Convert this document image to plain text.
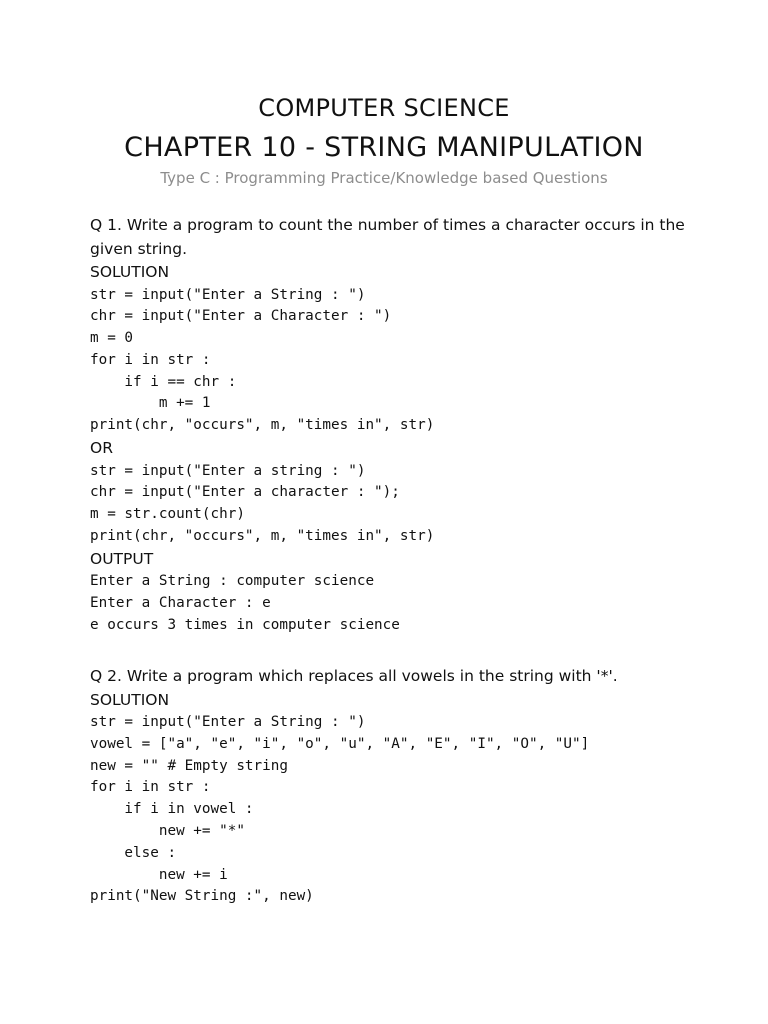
COMPUTER SCIENCE
CHAPTER 10 - STRING MANIPULATION
Type C : Programming Practice/Knowledge based Questions

Q 1. Write a program to count the number of times a character occurs in the given string.

SOLUTION

str = input("Enter a String : ")
chr = input("Enter a Character : ")
m = 0
for i in str :
if i == chr :
m += 1
print(chr, "occurs", m, "times in", str)

OR

str = input("Enter a string : ")
chr = input("Enter a character : ");
m = str.count(chr)
print(chr, "occurs", m, "times in", str)

OUTPUT

Enter a String : computer science
Enter a Character : e
e occurs 3 times in computer science

Q 2. Write a program which replaces all vowels in the string with '*'.

SOLUTION

str = input("Enter a String : ")
vowel = ["a", "e", "i", "o", "u", "A", "E", "I", "O", "U"]
new = "" # Empty string
for i in str :
if i in vowel :
new += "*"
else :
new += i
print("New String :", new)
